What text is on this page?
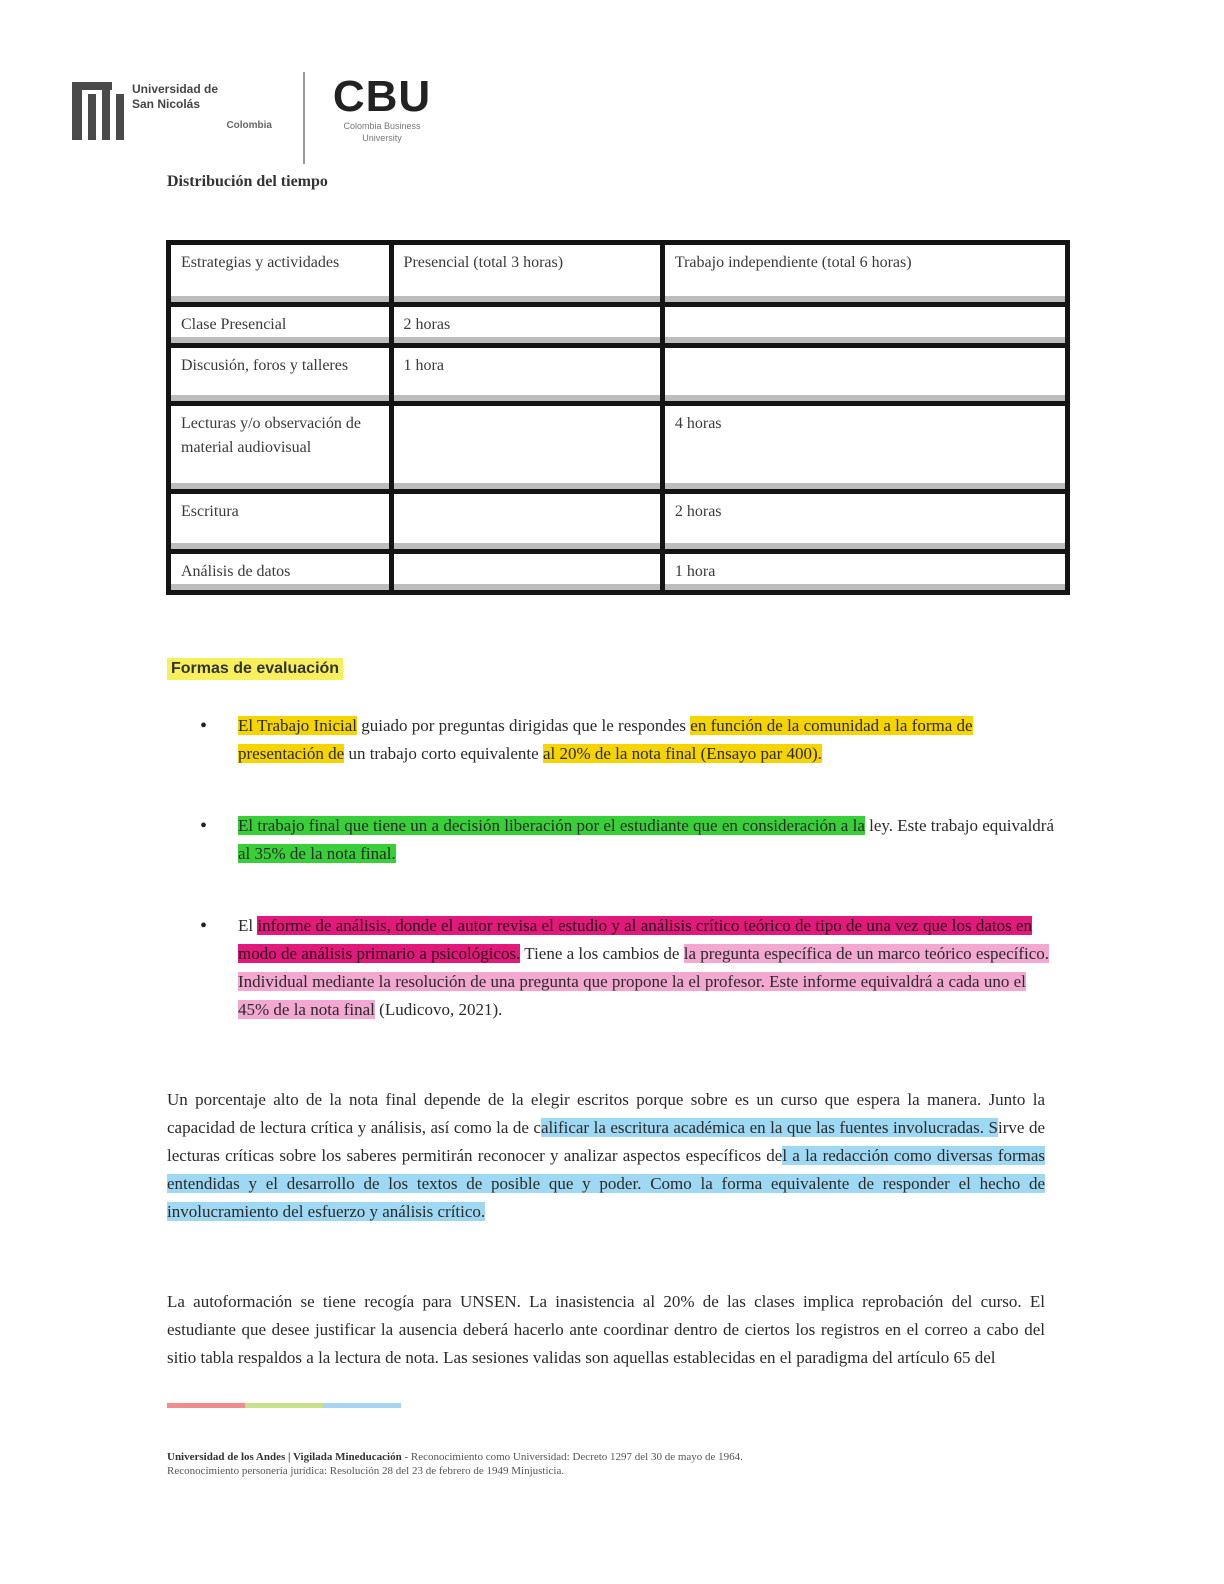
Universidad de
San Nicolás
Colombia
CBU
Colombia Business
University
Distribución del tiempo
Estrategias y actividades	Presencial (total 3 horas)	Trabajo independiente (total 6 horas)
Clase Presencial	2 horas	
Discusión, foros y talleres	1 hora	
Lecturas y/o observación de material audiovisual		4 horas
Escritura		2 horas
Análisis de datos		1 hora
Formas de evaluación
• El Trabajo Inicial guiado por preguntas dirigidas que le respondes en función de la comunidad a la forma de presentación de un trabajo corto equivalente al 20% de la nota final (Ensayo par 400).
• El trabajo final que tiene un a decisión liberación por el estudiante que en consideración a la ley. Este trabajo equivaldrá al 35% de la nota final.
• El informe de análisis, donde el autor revisa el estudio y al análisis crítico teórico de tipo de una vez que los datos en modo de análisis primario a psicológicos. Tiene a los cambios de la pregunta específica de un marco teórico específico. Individual mediante la resolución de una pregunta que propone la el profesor. Este informe equivaldrá a cada uno el 45% de la nota final (Ludicovo, 2021).

Un porcentaje alto de la nota final depende de la elegir escritos porque sobre es un curso que espera la manera. Junto la capacidad de lectura crítica y análisis, así como la de calificar la escritura académica en la que las fuentes involucradas. Sirve de lecturas críticas sobre los saberes permitirán reconocer y analizar aspectos específicos del a la redacción como diversas formas entendidas y el desarrollo de los textos de posible que y poder. Como la forma equivalente de responder el hecho de involucramiento del esfuerzo y análisis crítico.

La autoformación se tiene recogía para UNSEN. La inasistencia al 20% de las clases implica reprobación del curso. El estudiante que desee justificar la ausencia deberá hacerlo ante coordinar dentro de ciertos los registros en el correo a cabo del sitio tabla respaldos a la lectura de nota. Las sesiones validas son aquellas establecidas en el paradigma del artículo 65 del

Universidad de los Andes | Vigilada Mineducación - Reconocimiento como Universidad: Decreto 1297 del 30 de mayo de 1964.
Reconocimiento personería jurídica: Resolución 28 del 23 de febrero de 1949 Minjusticia.
